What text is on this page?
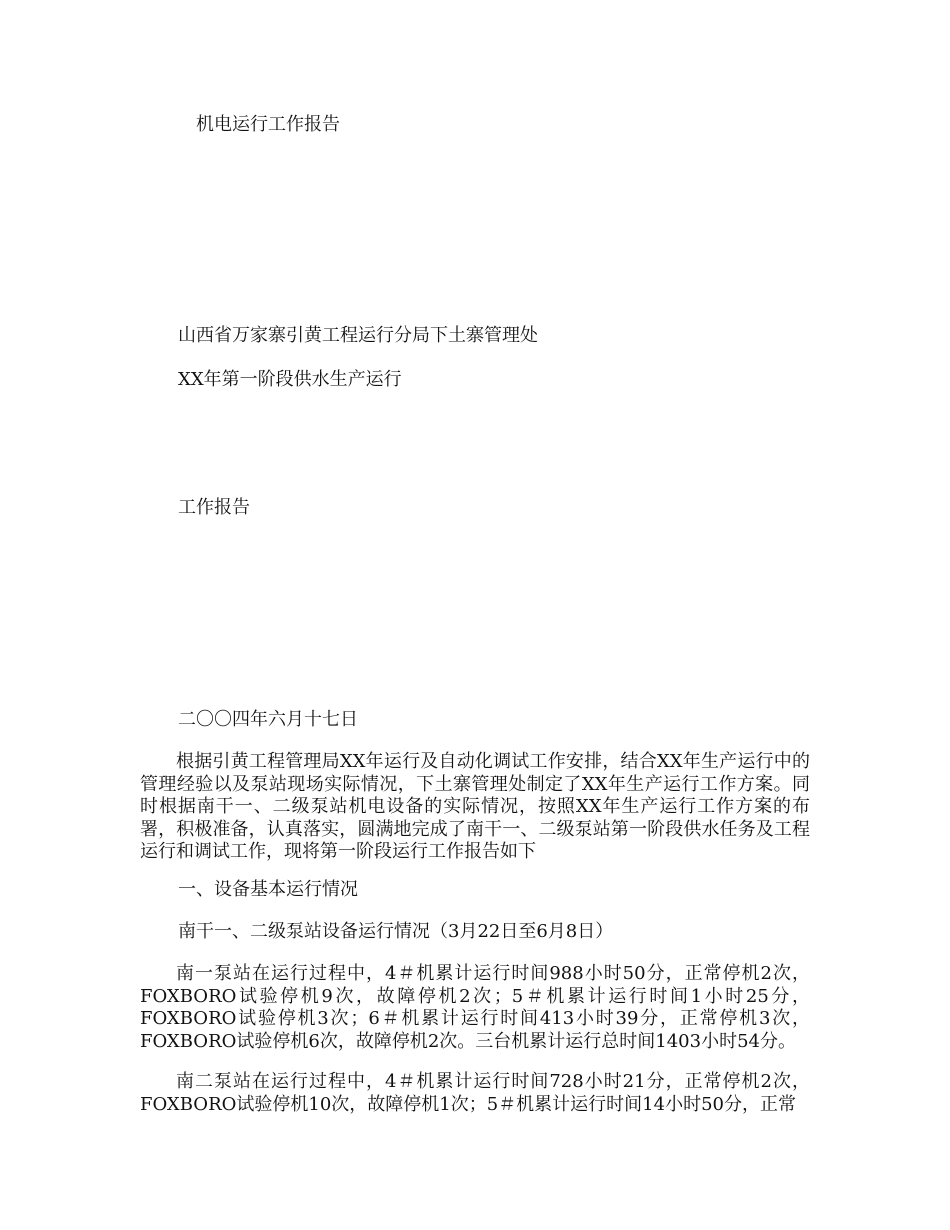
机电运行工作报告
山西省万家寨引黄工程运行分局下土寨管理处
XX年第一阶段供水生产运行
工作报告
二〇〇四年六月十七日
根据引黄工程管理局XX年运行及自动化调试工作安排，结合XX年生产运行中的管理经验以及泵站现场实际情况，下土寨管理处制定了XX年生产运行工作方案。同时根据南干一、二级泵站机电设备的实际情况，按照XX年生产运行工作方案的布署，积极准备，认真落实，圆满地完成了南干一、二级泵站第一阶段供水任务及工程运行和调试工作，现将第一阶段运行工作报告如下
一、设备基本运行情况
南干一、二级泵站设备运行情况（3月22日至6月8日）
南一泵站在运行过程中，4＃机累计运行时间988小时50分，正常停机2次，FOXBORO试验停机9次，故障停机2次；5＃机累计运行时间1小时25分，FOXBORO试验停机3次；6＃机累计运行时间413小时39分，正常停机3次，FOXBORO试验停机6次，故障停机2次。三台机累计运行总时间1403小时54分。
南二泵站在运行过程中，4＃机累计运行时间728小时21分，正常停机2次，FOXBORO试验停机10次，故障停机1次；5＃机累计运行时间14小时50分，正常
